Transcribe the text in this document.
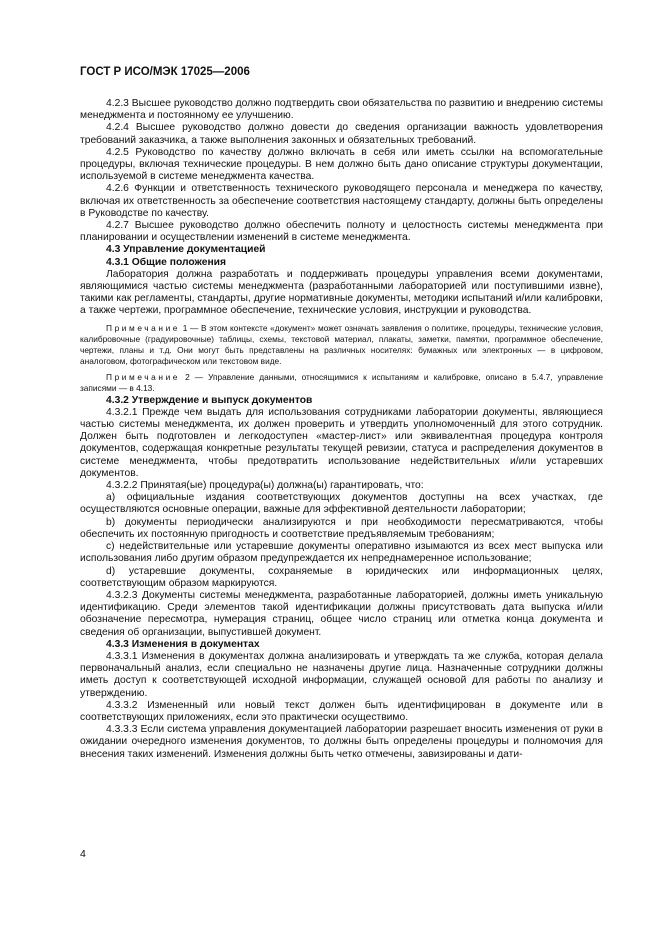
ГОСТ Р ИСО/МЭК 17025—2006

4.2.3 Высшее руководство должно подтвердить свои обязательства по развитию и внедрению системы менеджмента и постоянному ее улучшению.

4.2.4 Высшее руководство должно довести до сведения организации важность удовлетворения требований заказчика, а также выполнения законных и обязательных требований.

4.2.5 Руководство по качеству должно включать в себя или иметь ссылки на вспомогательные процедуры, включая технические процедуры. В нем должно быть дано описание структуры документации, используемой в системе менеджмента качества.

4.2.6 Функции и ответственность технического руководящего персонала и менеджера по качеству, включая их ответственность за обеспечение соответствия настоящему стандарту, должны быть определены в Руководстве по качеству.

4.2.7 Высшее руководство должно обеспечить полноту и целостность системы менеджмента при планировании и осуществлении изменений в системе менеджмента.

4.3 Управление документацией

4.3.1 Общие положения

Лаборатория должна разработать и поддерживать процедуры управления всеми документами, являющимися частью системы менеджмента (разработанными лабораторией или поступившими извне), такими как регламенты, стандарты, другие нормативные документы, методики испытаний и/или калибровки, а также чертежи, программное обеспечение, технические условия, инструкции и руководства.

Примечание 1 — В этом контексте «документ» может означать заявления о политике, процедуры, технические условия, калибровочные (градуировочные) таблицы, схемы, текстовой материал, плакаты, заметки, памятки, программное обеспечение, чертежи, планы и т.д. Они могут быть представлены на различных носителях: бумажных или электронных — в цифровом, аналоговом, фотографическом или текстовом виде.

Примечание 2 — Управление данными, относящимися к испытаниям и калибровке, описано в 5.4.7, управление записями — в 4.13.

4.3.2 Утверждение и выпуск документов

4.3.2.1 Прежде чем выдать для использования сотрудниками лаборатории документы, являющиеся частью системы менеджмента, их должен проверить и утвердить уполномоченный для этого сотрудник. Должен быть подготовлен и легкодоступен «мастер-лист» или эквивалентная процедура контроля документов, содержащая конкретные результаты текущей ревизии, статуса и распределения документов в системе менеджмента, чтобы предотвратить использование недействительных и/или устаревших документов.

4.3.2.2 Принятая(ые) процедура(ы) должна(ы) гарантировать, что:

а) официальные издания соответствующих документов доступны на всех участках, где осуществляются основные операции, важные для эффективной деятельности лаборатории;

b) документы периодически анализируются и при необходимости пересматриваются, чтобы обеспечить их постоянную пригодность и соответствие предъявляемым требованиям;

c) недействительные или устаревшие документы оперативно изымаются из всех мест выпуска или использования либо другим образом предупреждается их непреднамеренное использование;

d) устаревшие документы, сохраняемые в юридических или информационных целях, соответствующим образом маркируются.

4.3.2.3 Документы системы менеджмента, разработанные лабораторией, должны иметь уникальную идентификацию. Среди элементов такой идентификации должны присутствовать дата выпуска и/или обозначение пересмотра, нумерация страниц, общее число страниц или отметка конца документа и сведения об организации, выпустившей документ.

4.3.3 Изменения в документах

4.3.3.1 Изменения в документах должна анализировать и утверждать та же служба, которая делала первоначальный анализ, если специально не назначены другие лица. Назначенные сотрудники должны иметь доступ к соответствующей исходной информации, служащей основой для работы по анализу и утверждению.

4.3.3.2 Измененный или новый текст должен быть идентифицирован в документе или в соответствующих приложениях, если это практически осуществимо.

4.3.3.3 Если система управления документацией лаборатории разрешает вносить изменения от руки в ожидании очередного изменения документов, то должны быть определены процедуры и полномочия для внесения таких изменений. Изменения должны быть четко отмечены, завизированы и дати-

4
